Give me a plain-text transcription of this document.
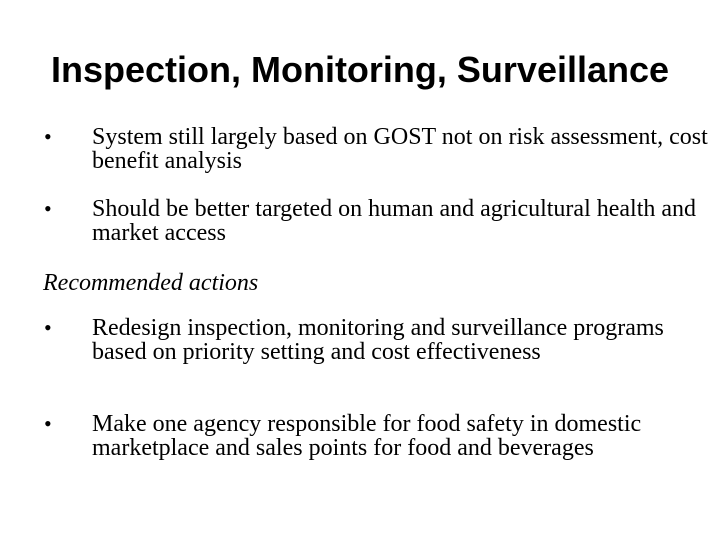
Inspection, Monitoring, Surveillance
•	System still largely based on GOST not on risk assessment, cost benefit analysis
•	Should be better targeted on human and agricultural health and market access
Recommended actions
•	Redesign inspection, monitoring and surveillance programs based on priority setting and cost effectiveness
•	Make one agency responsible for food safety in domestic marketplace and sales points for food and beverages
